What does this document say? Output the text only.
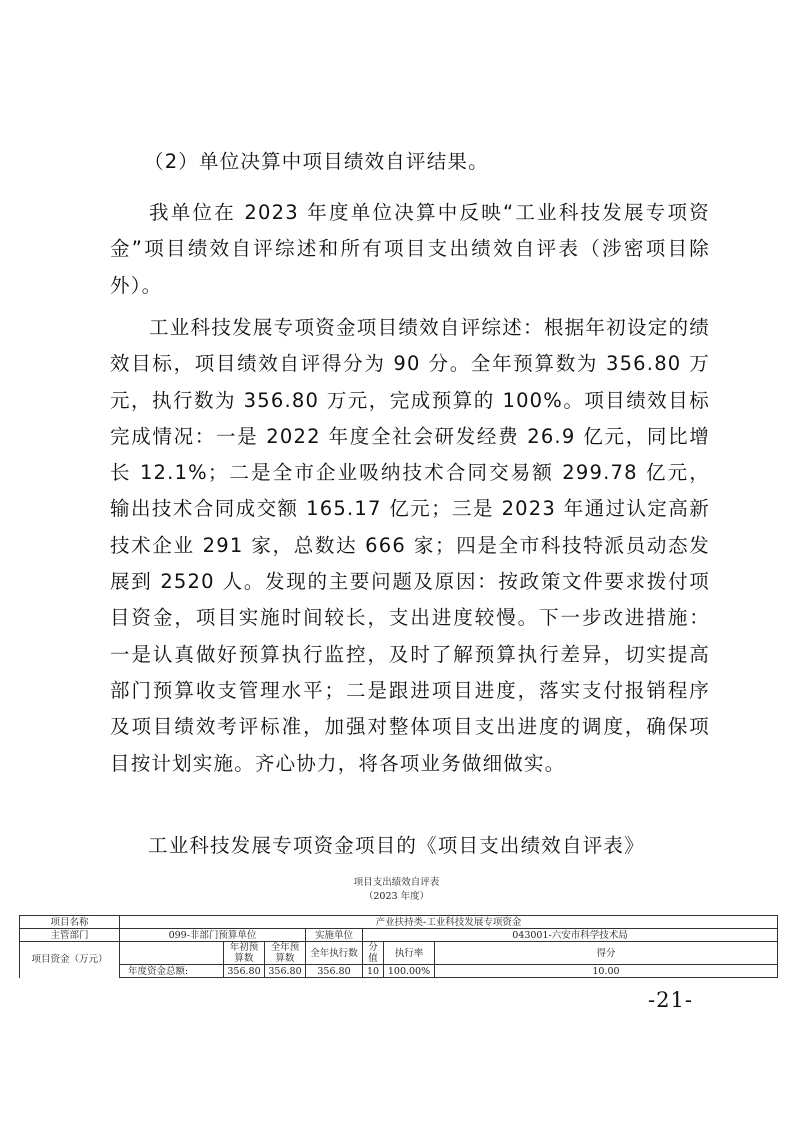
（2）单位决算中项目绩效自评结果。

我单位在 2023 年度单位决算中反映“工业科技发展专项资金”项目绩效自评综述和所有项目支出绩效自评表（涉密项目除外）。

工业科技发展专项资金项目绩效自评综述：根据年初设定的绩效目标，项目绩效自评得分为 90 分。全年预算数为 356.80 万元，执行数为 356.80 万元，完成预算的 100%。项目绩效目标完成情况：一是 2022 年度全社会研发经费 26.9 亿元，同比增长 12.1%；二是全市企业吸纳技术合同交易额 299.78 亿元，输出技术合同成交额 165.17 亿元；三是 2023 年通过认定高新技术企业 291 家，总数达 666 家；四是全市科技特派员动态发展到 2520 人。发现的主要问题及原因：按政策文件要求拨付项目资金，项目实施时间较长，支出进度较慢。下一步改进措施：一是认真做好预算执行监控，及时了解预算执行差异，切实提高部门预算收支管理水平；二是跟进项目进度，落实支付报销程序及项目绩效考评标准，加强对整体项目支出进度的调度，确保项目按计划实施。齐心协力，将各项业务做细做实。

工业科技发展专项资金项目的《项目支出绩效自评表》
项目支出绩效自评表
（2023 年度）
项目名称	产业扶持类-工业科技发展专项资金						
主管部门	099-非部门预算单位			实施单位	043001-六安市科学技术局		
项目资金（万元）		年初预算数	全年预算数	全年执行数	分值	执行率	得分
	年度资金总额:	356.80	356.80	356.80	10	100.00%	10.00
-21-
